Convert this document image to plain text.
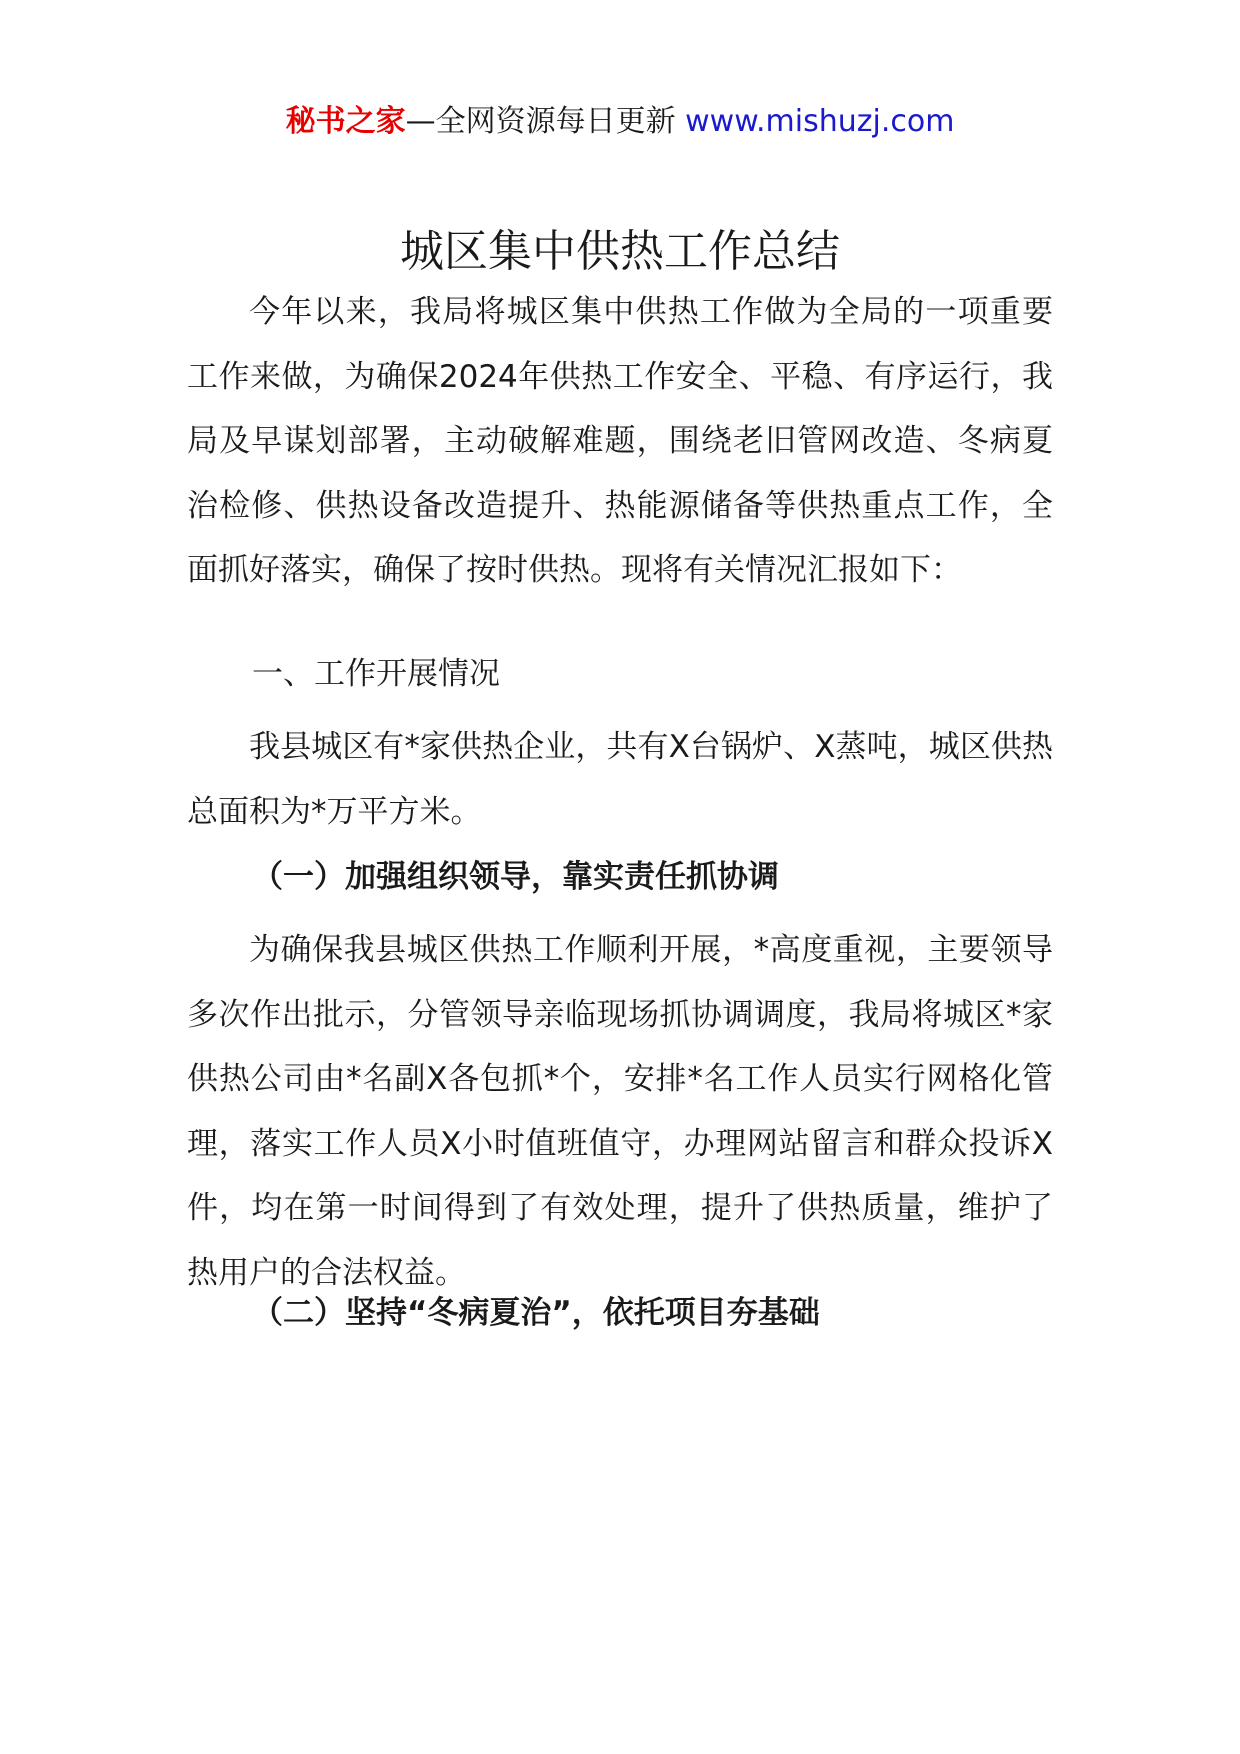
秘书之家—全网资源每日更新 www.mishuzj.com
城区集中供热工作总结

今年以来，我局将城区集中供热工作做为全局的一项重要工作来做，为确保2024年供热工作安全、平稳、有序运行，我局及早谋划部署，主动破解难题，围绕老旧管网改造、冬病夏治检修、供热设备改造提升、热能源储备等供热重点工作，全面抓好落实，确保了按时供热。现将有关情况汇报如下：

一、工作开展情况

我县城区有*家供热企业，共有X台锅炉、X蒸吨，城区供热总面积为*万平方米。

（一）加强组织领导，靠实责任抓协调

为确保我县城区供热工作顺利开展，*高度重视，主要领导多次作出批示，分管领导亲临现场抓协调调度，我局将城区*家供热公司由*名副X各包抓*个，安排*名工作人员实行网格化管理，落实工作人员X小时值班值守，办理网站留言和群众投诉X件，均在第一时间得到了有效处理，提升了供热质量，维护了热用户的合法权益。

（二）坚持“冬病夏治”，依托项目夯基础
